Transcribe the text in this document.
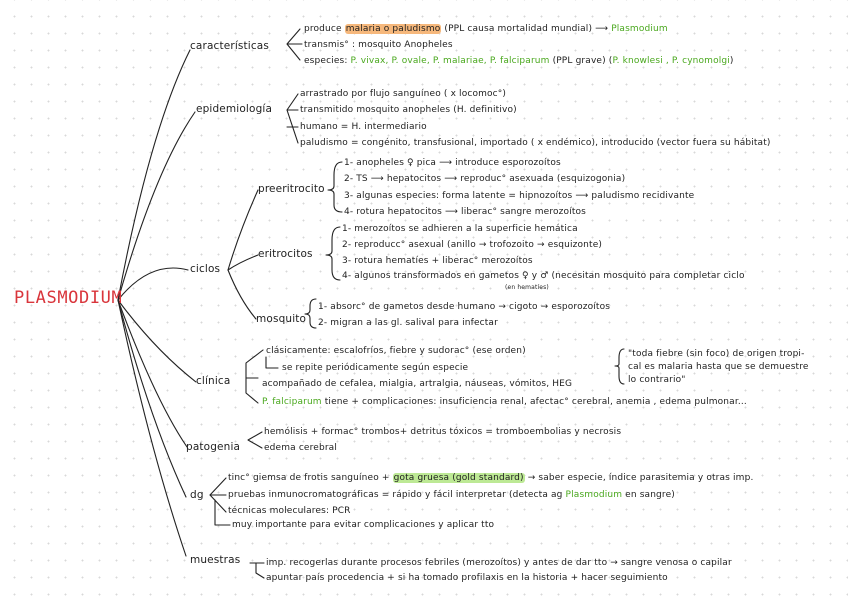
PLASMODIUM
características
produce malaria o paludismo (PPL causa mortalidad mundial) ⟶ Plasmodium
transmis° : mosquito Anopheles
especies: P. vivax, P. ovale, P. malariae, P. falciparum (PPL grave) (P. knowlesi , P. cynomolgi)
epidemiología
arrastrado por flujo sanguíneo ( x locomoc°)
transmitido mosquito anopheles (H. definitivo)
humano = H. intermediario
paludismo = congénito, transfusional, importado ( x endémico), introducido (vector fuera su hábitat)
ciclos
preeritrocito
1- anopheles ♀ pica ⟶ introduce esporozoítos
2- TS ⟶ hepatocitos ⟶ reproduc° asexuada (esquizogonia)
3- algunas especies: forma latente = hipnozoítos ⟶ paludismo recidivante
4- rotura hepatocitos ⟶ liberac° sangre merozoítos
eritrocitos
1- merozoítos se adhieren a la superficie hemática
2- reproducc° asexual (anillo → trofozoito → esquizonte)
3- rotura hematíes + liberac° merozoítos
4- algunos transformados en gametos ♀ y ♂ (necesitan mosquito para completar ciclo
(en hematíes)
mosquito
1- absorc° de gametos desde humano → cigoto → esporozoítos
2- migran a las gl. salival para infectar
clínica
clásicamente: escalofríos, fiebre y sudorac° (ese orden)
se repite periódicamente según especie
acompañado de cefalea, mialgia, artralgia, náuseas, vómitos, HEG
P. falciparum tiene + complicaciones: insuficiencia renal, afectac° cerebral, anemia , edema pulmonar...
"toda fiebre (sin foco) de origen tropi-
cal es malaria hasta que se demuestre
lo contrario"
patogenia
hemólisis + formac° trombos+ detritus tóxicos = tromboembolias y necrosis
edema cerebral
dg
tinc° giemsa de frotis sanguíneo + gota gruesa (gold standard) → saber especie, índice parasitemia y otras imp.
pruebas inmunocromatográficas = rápido y fácil interpretar (detecta ag Plasmodium en sangre)
técnicas moleculares: PCR
muy importante para evitar complicaciones y aplicar tto
muestras	imp. recogerlas durante procesos febriles (merozoítos) y antes de dar tto → sangre venosa o capilar
apuntar país procedencia + si ha tomado profilaxis en la historia + hacer seguimiento
